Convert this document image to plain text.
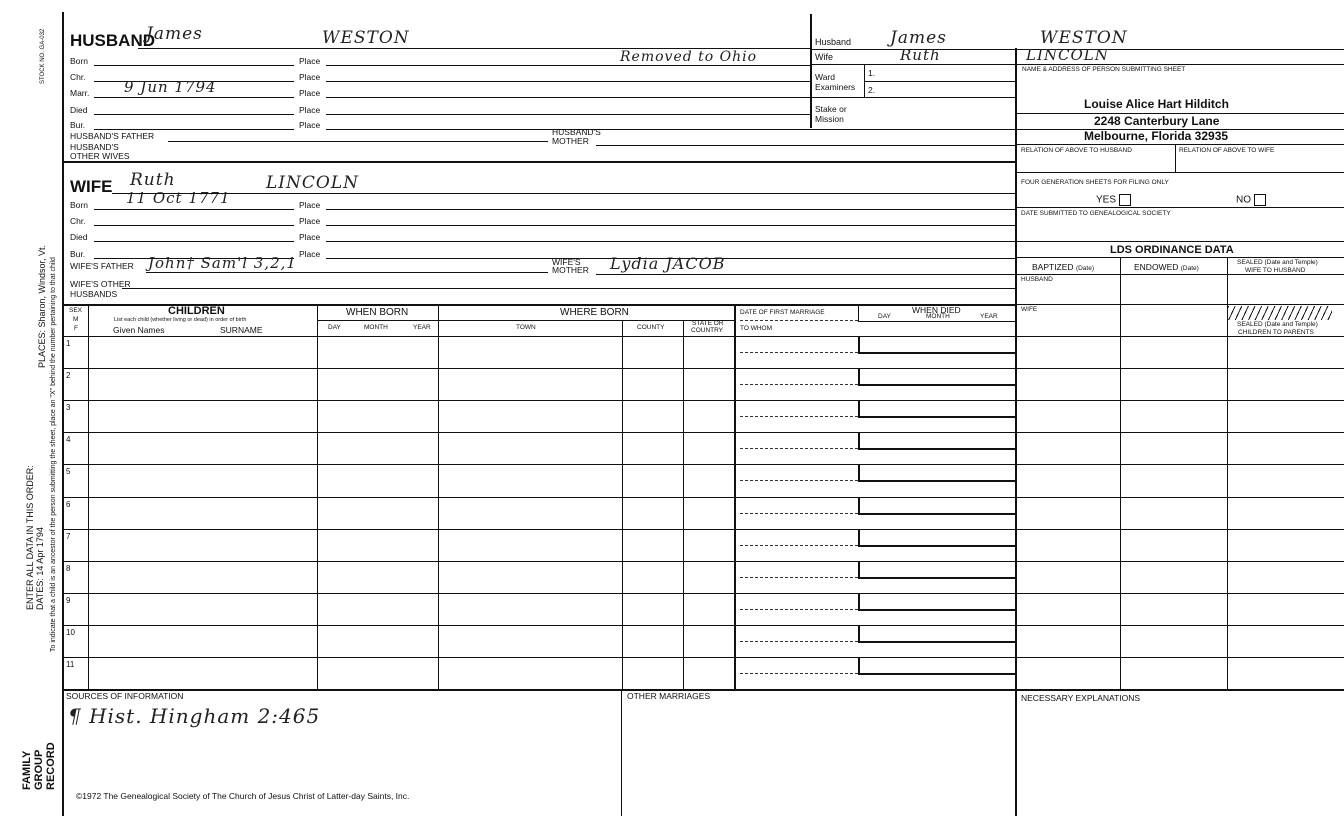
STOCK NO. GA-032
PLACES: Sharon, Windsor, Vt.
ENTER ALL DATA IN THIS ORDER: DATES: 14 Apr 1794 To indicate that a child is an ancestor of the person submitting the sheet, place an "X" behind the number pertaining to that child
FAMILY GROUP RECORD
HUSBAND
James	WESTON
Born	Place	Removed to Ohio
Chr.	Place
Marr. 9 Jun 1794	Place
Died	Place
Bur.	Place
HUSBAND'S FATHER	HUSBAND'S
MOTHER
HUSBAND'S
OTHER WIVES
WIFE Ruth	LINCOLN
11 Oct 1771
Born	Place
Chr.	Place
Died	Place
Bur.	Place
WIFE'S FATHER John† Sam'l 3,2,1	WIFE'S
MOTHER Lydia JACOB
WIFE'S OTHER
HUSBANDS
Husband James	WESTON
Wife	Ruth	LINCOLN
Ward
Examiners
1.
2.
Stake or
Mission
NAME & ADDRESS OF PERSON SUBMITTING SHEET
Louise Alice Hart Hilditch
2248 Canterbury Lane
Melbourne, Florida 32935
RELATION OF ABOVE TO HUSBAND	RELATION OF ABOVE TO WIFE
FOUR GENERATION SHEETS FOR FILING ONLY
YES	NO
DATE SUBMITTED TO GENEALOGICAL SOCIETY
LDS ORDINANCE DATA
BAPTIZED (Date)	ENDOWED (Date)
SEALED (Date and Temple)
WIFE TO HUSBAND
HUSBAND
WIFE
SEALED (Date and Temple)
CHILDREN TO PARENTS
SEX
M
F
CHILDREN
List each child (whether living or dead) in order of birth
Given Names	SURNAME
WHEN BORN
DAY	MONTH	YEAR
WHERE BORN
TOWN	COUNTY
STATE OR
COUNTRY
DATE OF FIRST MARRIAGE
TO WHOM
WHEN DIED
DAY	MONTH	YEAR
1
2
3
4
5
6
7
8
9
10
11
SOURCES OF INFORMATION
¶ Hist. Hingham 2:465
OTHER MARRIAGES	NECESSARY EXPLANATIONS
©1972 The Genealogical Society of The Church of Jesus Christ of Latter-day Saints, Inc.
